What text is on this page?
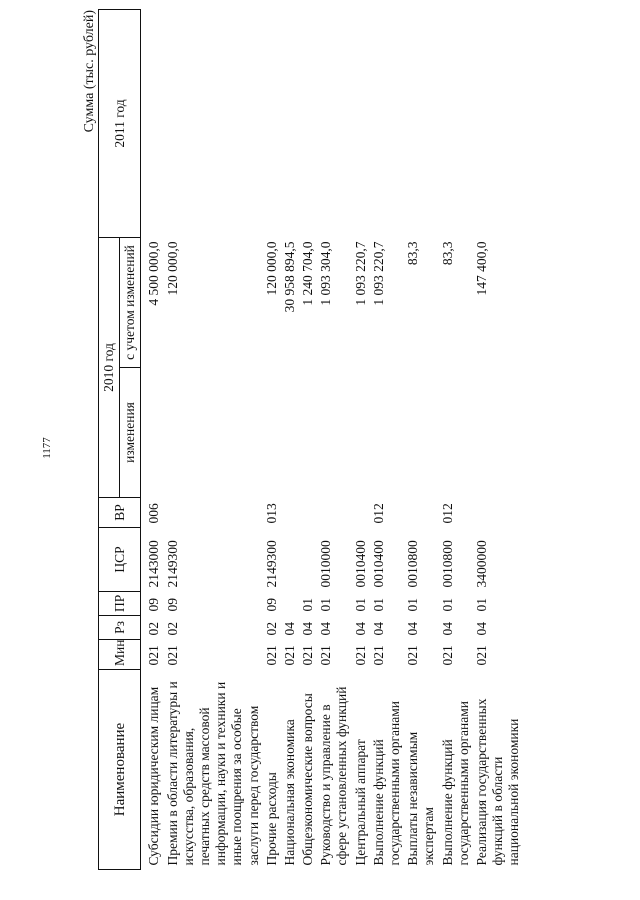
1177
Сумма (тыс. рублей)
Наименование	Мин	Рз	ПР	ЦСР	ВР	2010 год		2011 год
						изменения	с учетом изменений	
Субсидии юридическим лицам	021	02	09	2143000	006		4 500 000,0	
Премии в области литературы и искусства, образования, печатных средств массовой информации, науки и техники и иные поощрения за особые заслуги перед государством	021	02	09	2149300			120 000,0	
Прочие расходы	021	02	09	2149300	013		120 000,0	
Национальная экономика	021	04					30 958 894,5	
Общеэкономические вопросы	021	04	01				1 240 704,0	
Руководство и управление в сфере установленных функций	021	04	01	0010000			1 093 304,0	
Центральный аппарат	021	04	01	0010400			1 093 220,7	
Выполнение функций государственными органами	021	04	01	0010400	012		1 093 220,7	
Выплаты независимым экспертам	021	04	01	0010800			83,3	
Выполнение функций государственными органами	021	04	01	0010800	012		83,3	
Реализация государственных функций в области национальной экономики	021	04	01	3400000			147 400,0	
